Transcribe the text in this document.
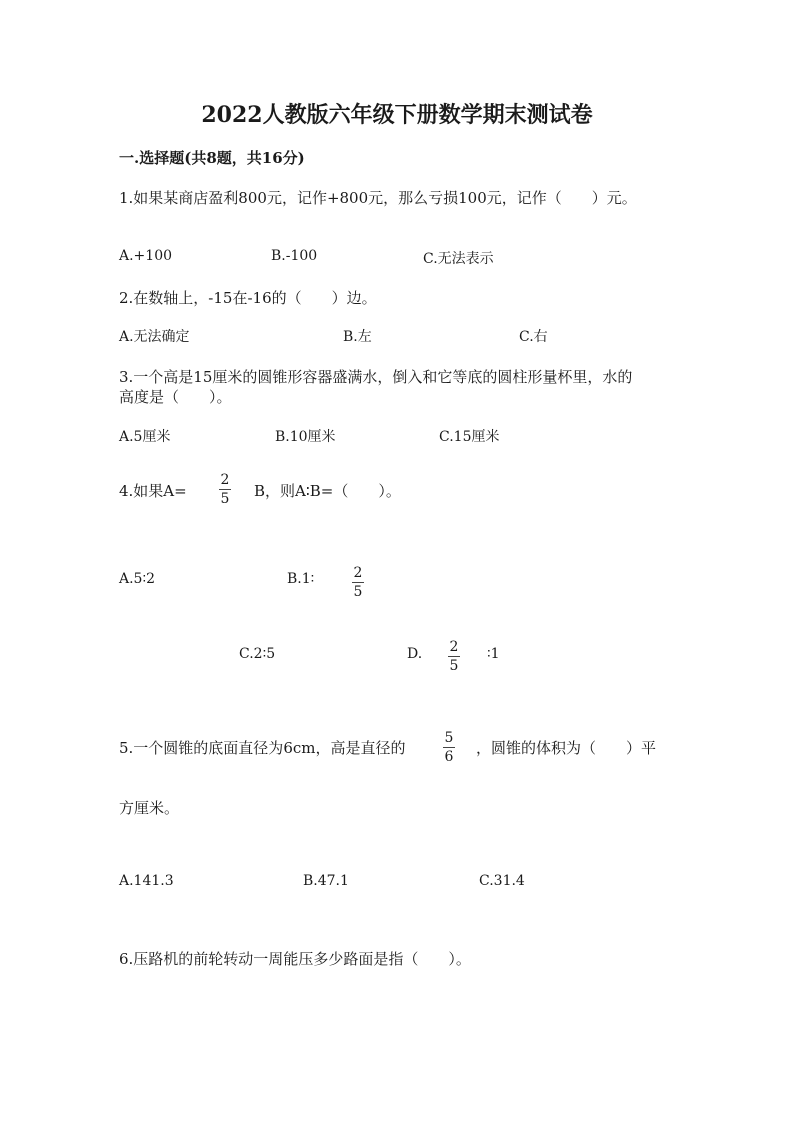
2022人教版六年级下册数学期末测试卷
一.选择题(共8题，共16分)
1.如果某商店盈利800元，记作+800元，那么亏损100元，记作（　　）元。
A.+100	B.-100	C.无法表示
2.在数轴上，-15在-16的（　　）边。
A.无法确定	B.左	C.右
3.一个高是15厘米的圆锥形容器盛满水，倒入和它等底的圆柱形量杯里，水的
高度是（　　）。
A.5厘米	B.10厘米	C.15厘米
4.如果A=
2
5 B，则A∶B=（　　）。
A.5∶2	B.1∶	2
5
C.2∶5	D. 2
5
∶1
5.一个圆锥的底面直径为6cm，高是直径的
5
6 ，圆锥的体积为（　　）平
方厘米。
A.141.3	B.47.1	C.31.4
6.压路机的前轮转动一周能压多少路面是指（　　）。
